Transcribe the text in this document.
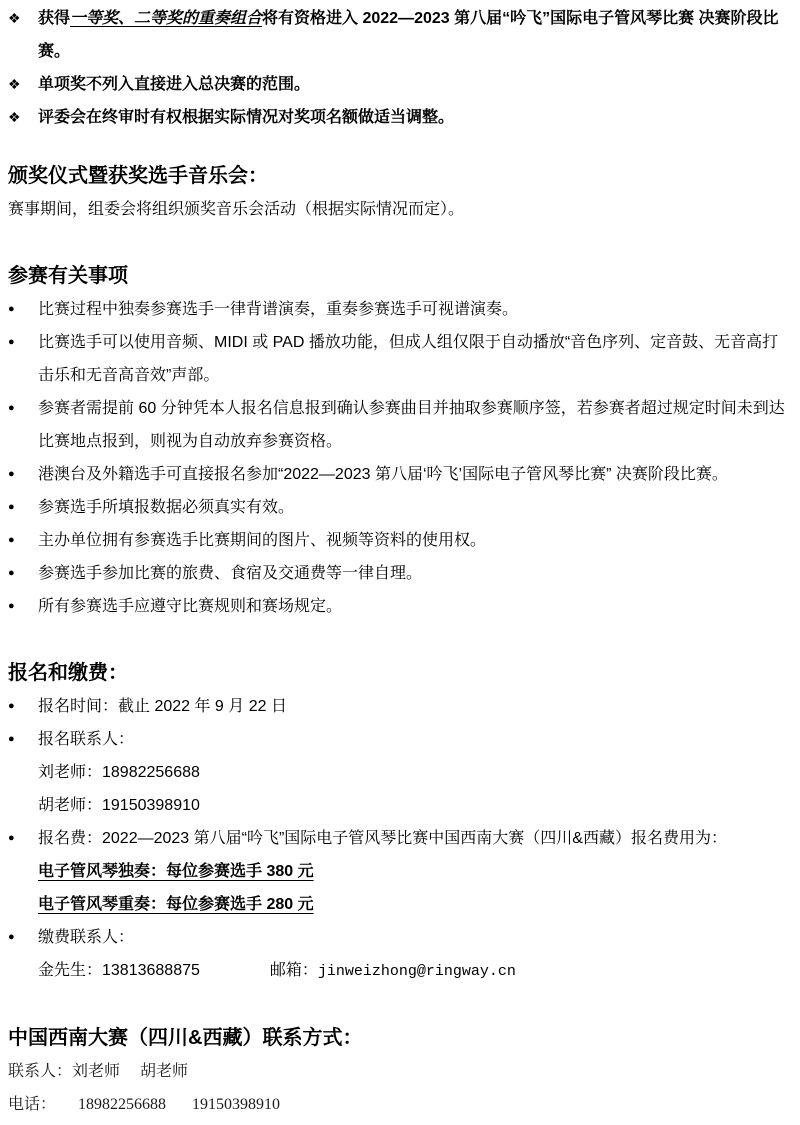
❖	获得一等奖、二等奖的重奏组合将有资格进入 2022—2023 第八届“吟飞”国际电子管风琴比赛 决赛阶段比赛。
❖	单项奖不列入直接进入总决赛的范围。
❖	评委会在终审时有权根据实际情况对奖项名额做适当调整。
颁奖仪式暨获奖选手音乐会：
赛事期间，组委会将组织颁奖音乐会活动（根据实际情况而定）。
参赛有关事项
●	比赛过程中独奏参赛选手一律背谱演奏，重奏参赛选手可视谱演奏。
●	比赛选手可以使用音频、MIDI 或 PAD 播放功能，但成人组仅限于自动播放“音色序列、定音鼓、无音高打击乐和无音高音效”声部。
●	参赛者需提前 60 分钟凭本人报名信息报到确认参赛曲目并抽取参赛顺序签，若参赛者超过规定时间未到达比赛地点报到，则视为自动放弃参赛资格。
●	港澳台及外籍选手可直接报名参加“2022—2023 第八届‘吟飞’国际电子管风琴比赛” 决赛阶段比赛。
●	参赛选手所填报数据必须真实有效。
●	主办单位拥有参赛选手比赛期间的图片、视频等资料的使用权。
●	参赛选手参加比赛的旅费、食宿及交通费等一律自理。
●	所有参赛选手应遵守比赛规则和赛场规定。
报名和缴费：
●	报名时间：截止 2022 年 9 月 22 日
●	报名联系人：
刘老师：18982256688
胡老师：19150398910
●	报名费：2022—2023 第八届“吟飞”国际电子管风琴比赛中国西南大赛（四川&西藏）报名费用为：
电子管风琴独奏：每位参赛选手 380 元
电子管风琴重奏：每位参赛选手 280 元
●	缴费联系人：
金先生：13813688875	邮箱：jinweizhong@ringway.cn
中国西南大赛（四川&西藏）联系方式：
联系人：刘老师　 胡老师
电话： 18982256688 19150398910
